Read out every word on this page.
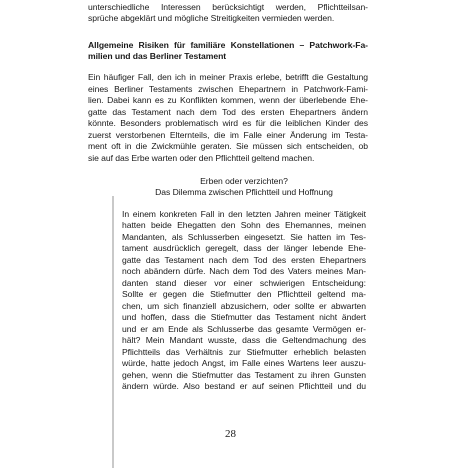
unterschiedliche Interessen berücksichtigt werden, Pflichtteilsan-
sprüche abgeklärt und mögliche Streitigkeiten vermieden werden.
Allgemeine Risiken für familiäre Konstellationen – Patchwork-Fa-
milien und das Berliner Testament
Ein häufiger Fall, den ich in meiner Praxis erlebe, betrifft die Gestaltung
eines Berliner Testaments zwischen Ehepartnern in Patchwork-Fami-
lien. Dabei kann es zu Konflikten kommen, wenn der überlebende Ehe-
gatte das Testament nach dem Tod des ersten Ehepartners ändern
könnte. Besonders problematisch wird es für die leiblichen Kinder des
zuerst verstorbenen Elternteils, die im Falle einer Änderung im Testa-
ment oft in die Zwickmühle geraten. Sie müssen sich entscheiden, ob
sie auf das Erbe warten oder den Pflichtteil geltend machen.
Erben oder verzichten?
Das Dilemma zwischen Pflichtteil und Hoffnung
In einem konkreten Fall in den letzten Jahren meiner Tätigkeit
hatten beide Ehegatten den Sohn des Ehemannes, meinen
Mandanten, als Schlusserben eingesetzt. Sie hatten im Tes-
tament ausdrücklich geregelt, dass der länger lebende Ehe-
gatte das Testament nach dem Tod des ersten Ehepartners
noch abändern dürfe. Nach dem Tod des Vaters meines Man-
danten stand dieser vor einer schwierigen Entscheidung:
Sollte er gegen die Stiefmutter den Pflichtteil geltend ma-
chen, um sich finanziell abzusichern, oder sollte er abwarten
und hoffen, dass die Stiefmutter das Testament nicht ändert
und er am Ende als Schlusserbe das gesamte Vermögen er-
hält? Mein Mandant wusste, dass die Geltendmachung des
Pflichtteils das Verhältnis zur Stiefmutter erheblich belasten
würde, hatte jedoch Angst, im Falle eines Wartens leer auszu-
gehen, wenn die Stiefmutter das Testament zu ihren Gunsten
ändern würde. Also bestand er auf seinen Pflichtteil und du
28
